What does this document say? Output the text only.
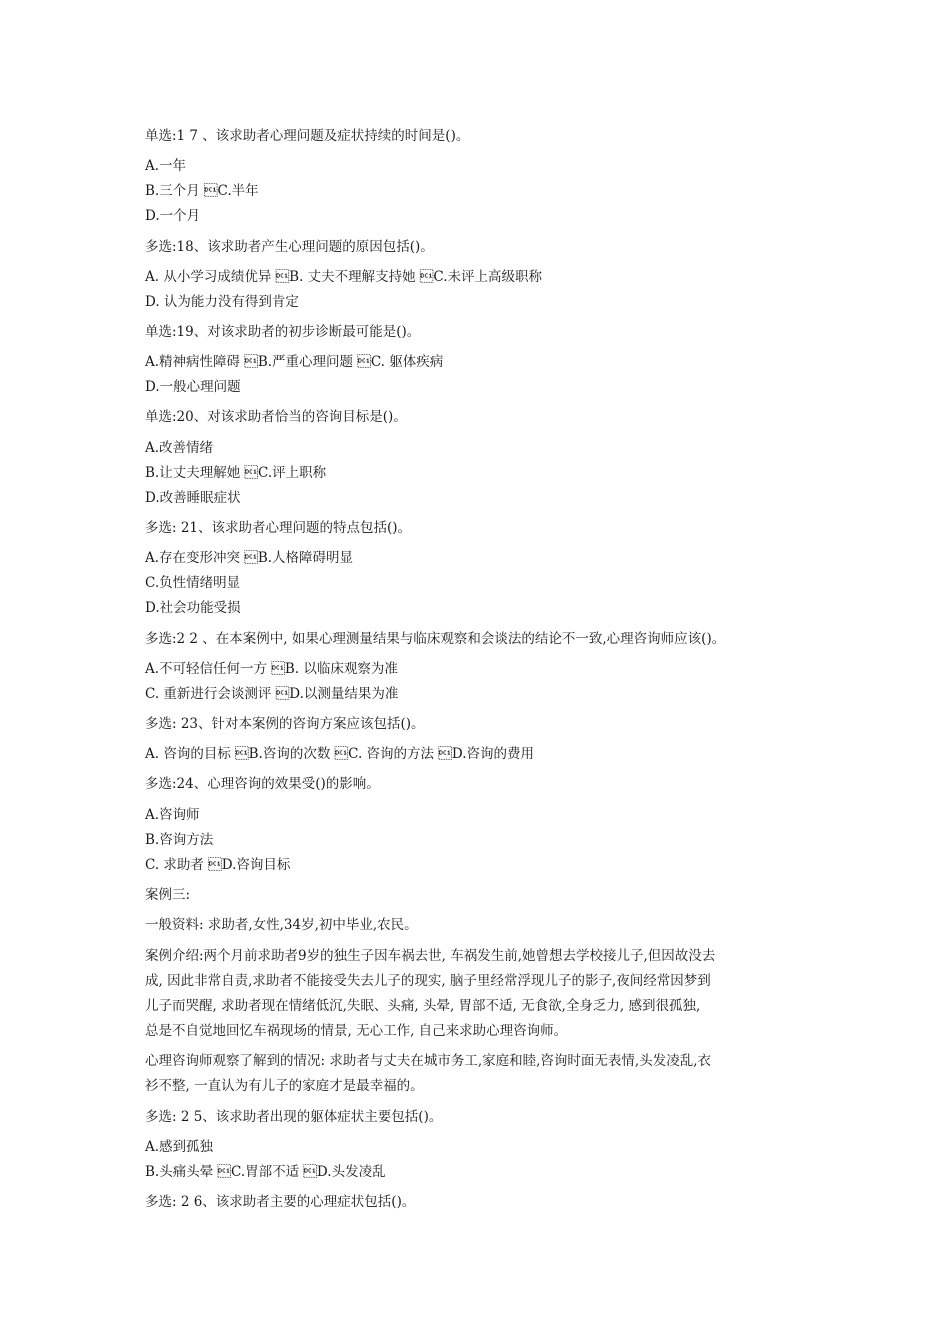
单选:1 7 、该求助者心理问题及症状持续的时间是()。
A.一年
B.三个月 C.半年
D.一个月
多选:18、该求助者产生心理问题的原因包括()。
A. 从小学习成绩优异 B. 丈夫不理解支持她 C.未评上高级职称
D. 认为能力没有得到肯定
单选:19、对该求助者的初步诊断最可能是()。
A.精神病性障碍 B.严重心理问题 C. 躯体疾病
D.一般心理问题
单选:20、对该求助者恰当的咨询目标是()。
A.改善情绪
B.让丈夫理解她 C.评上职称
D.改善睡眠症状
多选: 21、该求助者心理问题的特点包括()。
A.存在变形冲突 B.人格障碍明显
C.负性情绪明显
D.社会功能受损
多选:2 2 、在本案例中, 如果心理测量结果与临床观察和会谈法的结论不一致,心理咨询师应该()。
A.不可轻信任何一方 B. 以临床观察为准
C. 重新进行会谈测评 D.以测量结果为准
多选: 23、针对本案例的咨询方案应该包括()。
A. 咨询的目标 B.咨询的次数 C. 咨询的方法 D.咨询的费用
多选:24、心理咨询的效果受()的影响。
A.咨询师
B.咨询方法
C. 求助者 D.咨询目标
案例三:
一般资料: 求助者,女性,34岁,初中毕业,农民。
案例介绍:两个月前求助者9岁的独生子因车祸去世, 车祸发生前,她曾想去学校接儿子,但因故没去
成, 因此非常自责,求助者不能接受失去儿子的现实, 脑子里经常浮现儿子的影子,夜间经常因梦到
儿子而哭醒, 求助者现在情绪低沉,失眠、头痛, 头晕, 胃部不适, 无食欲,全身乏力, 感到很孤独,
总是不自觉地回忆车祸现场的情景, 无心工作, 自己来求助心理咨询师。
心理咨询师观察了解到的情况: 求助者与丈夫在城市务工,家庭和睦,咨询时面无表情,头发凌乱,衣
衫不整, 一直认为有儿子的家庭才是最幸福的。
多选: 2 5、该求助者出现的躯体症状主要包括()。
A.感到孤独
B.头痛头晕 C.胃部不适 D.头发凌乱
多选: 2 6、该求助者主要的心理症状包括()。
